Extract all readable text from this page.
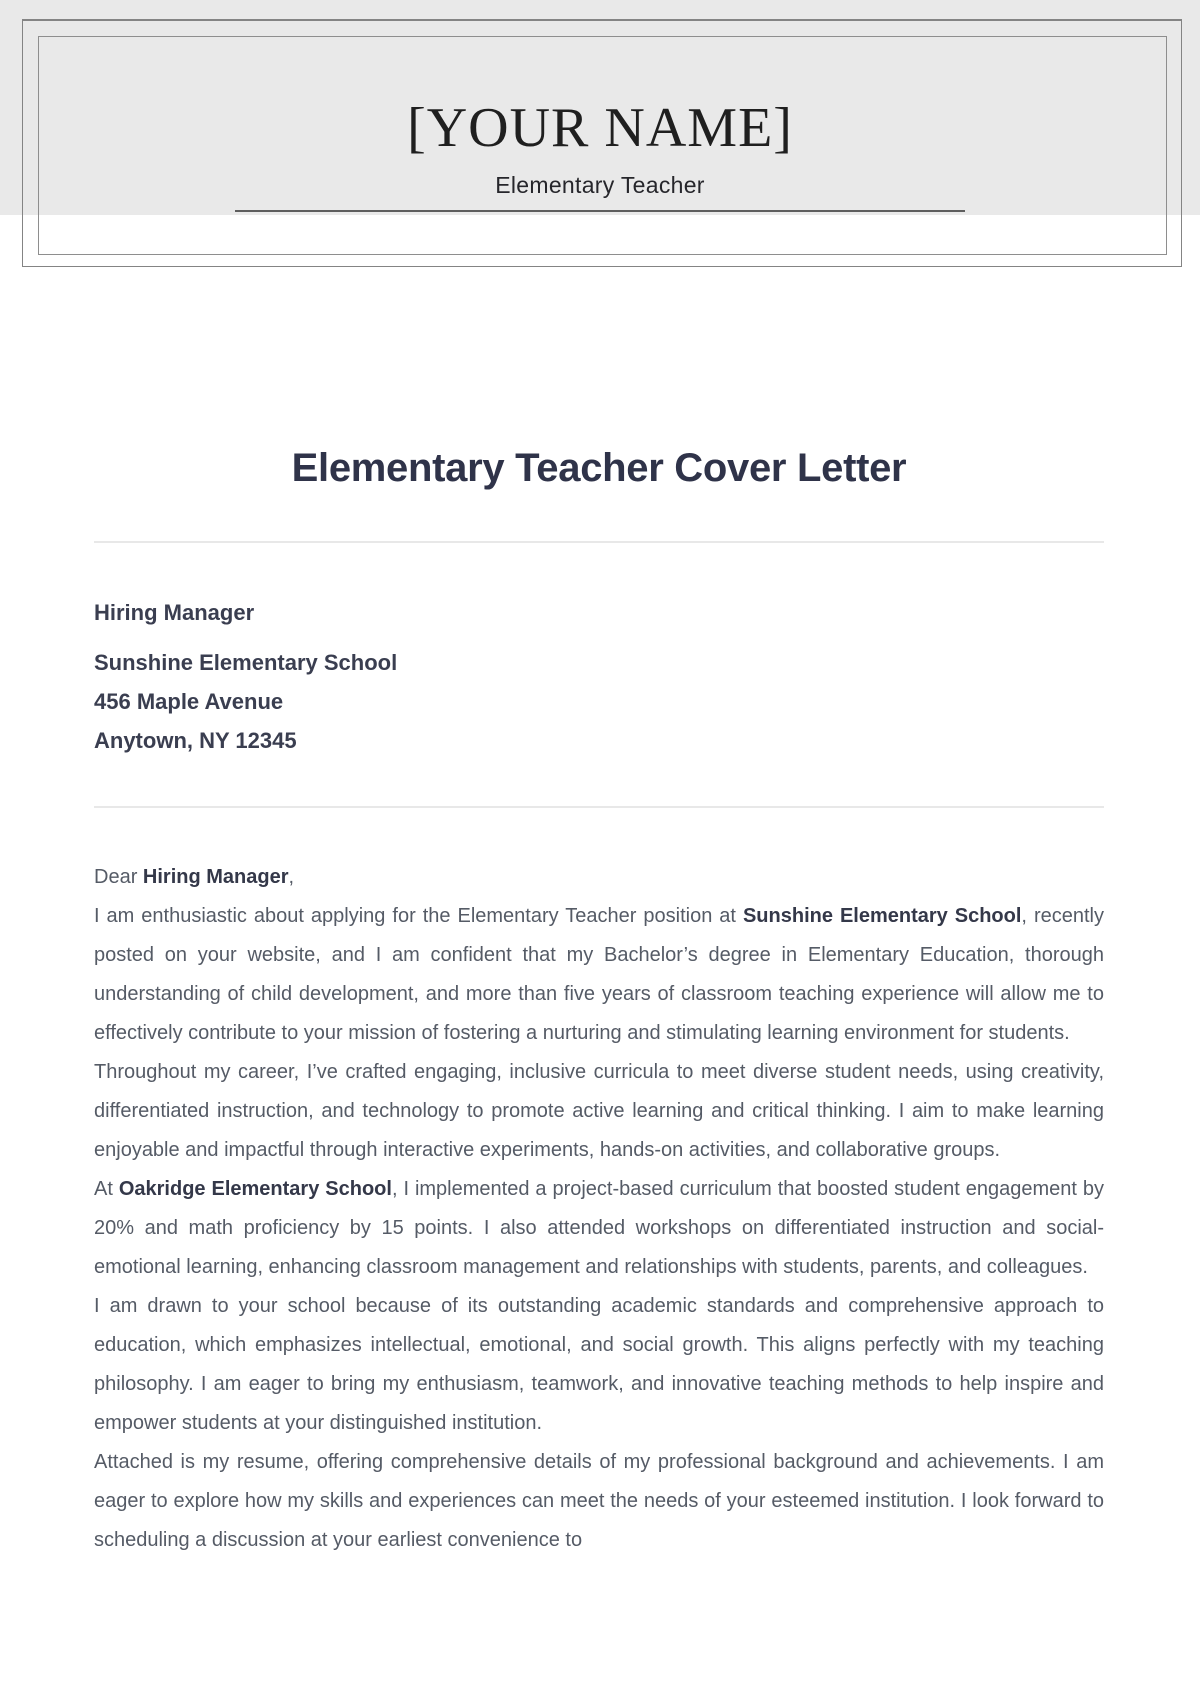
[YOUR NAME]
Elementary Teacher
Elementary Teacher Cover Letter

Hiring Manager

Sunshine Elementary School

456 Maple Avenue

Anytown, NY 12345

Dear Hiring Manager,

I am enthusiastic about applying for the Elementary Teacher position at Sunshine Elementary School, recently posted on your website, and I am confident that my Bachelor’s degree in Elementary Education, thorough understanding of child development, and more than five years of classroom teaching experience will allow me to effectively contribute to your mission of fostering a nurturing and stimulating learning environment for students.

Throughout my career, I’ve crafted engaging, inclusive curricula to meet diverse student needs, using creativity, differentiated instruction, and technology to promote active learning and critical thinking. I aim to make learning enjoyable and impactful through interactive experiments, hands-on activities, and collaborative groups.

At Oakridge Elementary School, I implemented a project-based curriculum that boosted student engagement by 20% and math proficiency by 15 points. I also attended workshops on differentiated instruction and social-emotional learning, enhancing classroom management and relationships with students, parents, and colleagues.

I am drawn to your school because of its outstanding academic standards and comprehensive approach to education, which emphasizes intellectual, emotional, and social growth. This aligns perfectly with my teaching philosophy. I am eager to bring my enthusiasm, teamwork, and innovative teaching methods to help inspire and empower students at your distinguished institution.

Attached is my resume, offering comprehensive details of my professional background and achievements. I am eager to explore how my skills and experiences can meet the needs of your esteemed institution. I look forward to scheduling a discussion at your earliest convenience to
